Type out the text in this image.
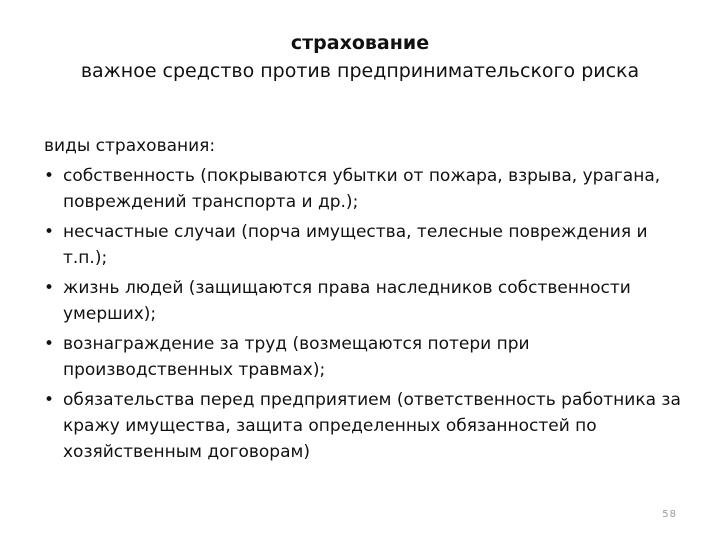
страхование
важное средство против предпринимательского риска
виды страхования:
• собственность (покрываются убытки от пожара, взрыва, урагана, повреждений транспорта и др.);
• несчастные случаи (порча имущества, телесные повреждения и т.п.);
• жизнь людей (защищаются права наследников собственности умерших);
• вознаграждение за труд (возмещаются потери при производственных травмах);
• обязательства перед предприятием (ответственность работника за кражу имущества, защита определенных обязанностей по хозяйственным договорам)
58
